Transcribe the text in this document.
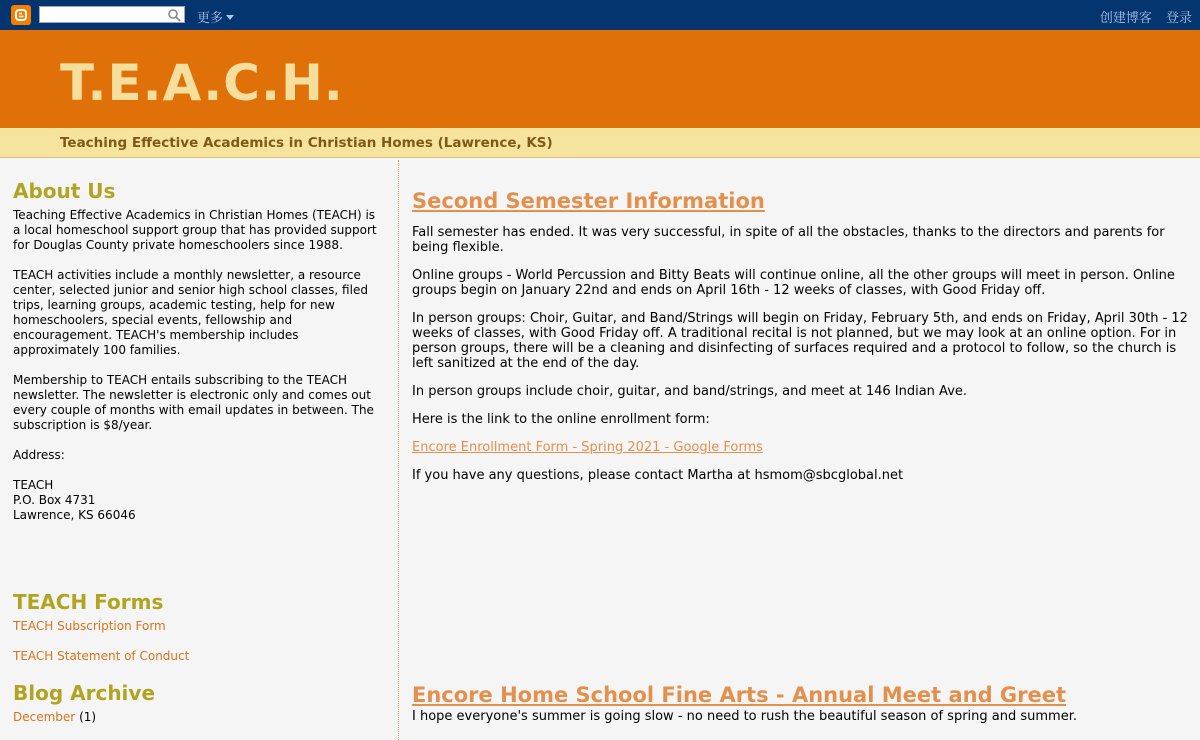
更多	创建博客 登录
T.E.A.C.H.
Teaching Effective Academics in Christian Homes (Lawrence, KS)
About Us
Teaching Effective Academics in Christian Homes (TEACH) is a local homeschool support group that has provided support for Douglas County private homeschoolers since 1988.

TEACH activities include a monthly newsletter, a resource center, selected junior and senior high school classes, filed trips, learning groups, academic testing, help for new homeschoolers, special events, fellowship and encouragement. TEACH's membership includes approximately 100 families.

Membership to TEACH entails subscribing to the TEACH newsletter. The newsletter is electronic only and comes out every couple of months with email updates in between. The subscription is $8/year.

Address:

TEACH
P.O. Box 4731
Lawrence, KS 66046
TEACH Forms
TEACH Subscription Form
TEACH Statement of Conduct
Blog Archive
December (1)
Second Semester Information
Fall semester has ended. It was very successful, in spite of all the obstacles, thanks to the directors and parents for being flexible.
Online groups - World Percussion and Bitty Beats will continue online, all the other groups will meet in person. Online groups begin on January 22nd and ends on April 16th - 12 weeks of classes, with Good Friday off.
In person groups: Choir, Guitar, and Band/Strings will begin on Friday, February 5th, and ends on Friday, April 30th - 12 weeks of classes, with Good Friday off. A traditional recital is not planned, but we may look at an online option. For in person groups, there will be a cleaning and disinfecting of surfaces required and a protocol to follow, so the church is left sanitized at the end of the day.
In person groups include choir, guitar, and band/strings, and meet at 146 Indian Ave.
Here is the link to the online enrollment form:
Encore Enrollment Form - Spring 2021 - Google Forms
If you have any questions, please contact Martha at hsmom@sbcglobal.net
Encore Home School Fine Arts - Annual Meet and Greet
I hope everyone's summer is going slow - no need to rush the beautiful season of spring and summer.
